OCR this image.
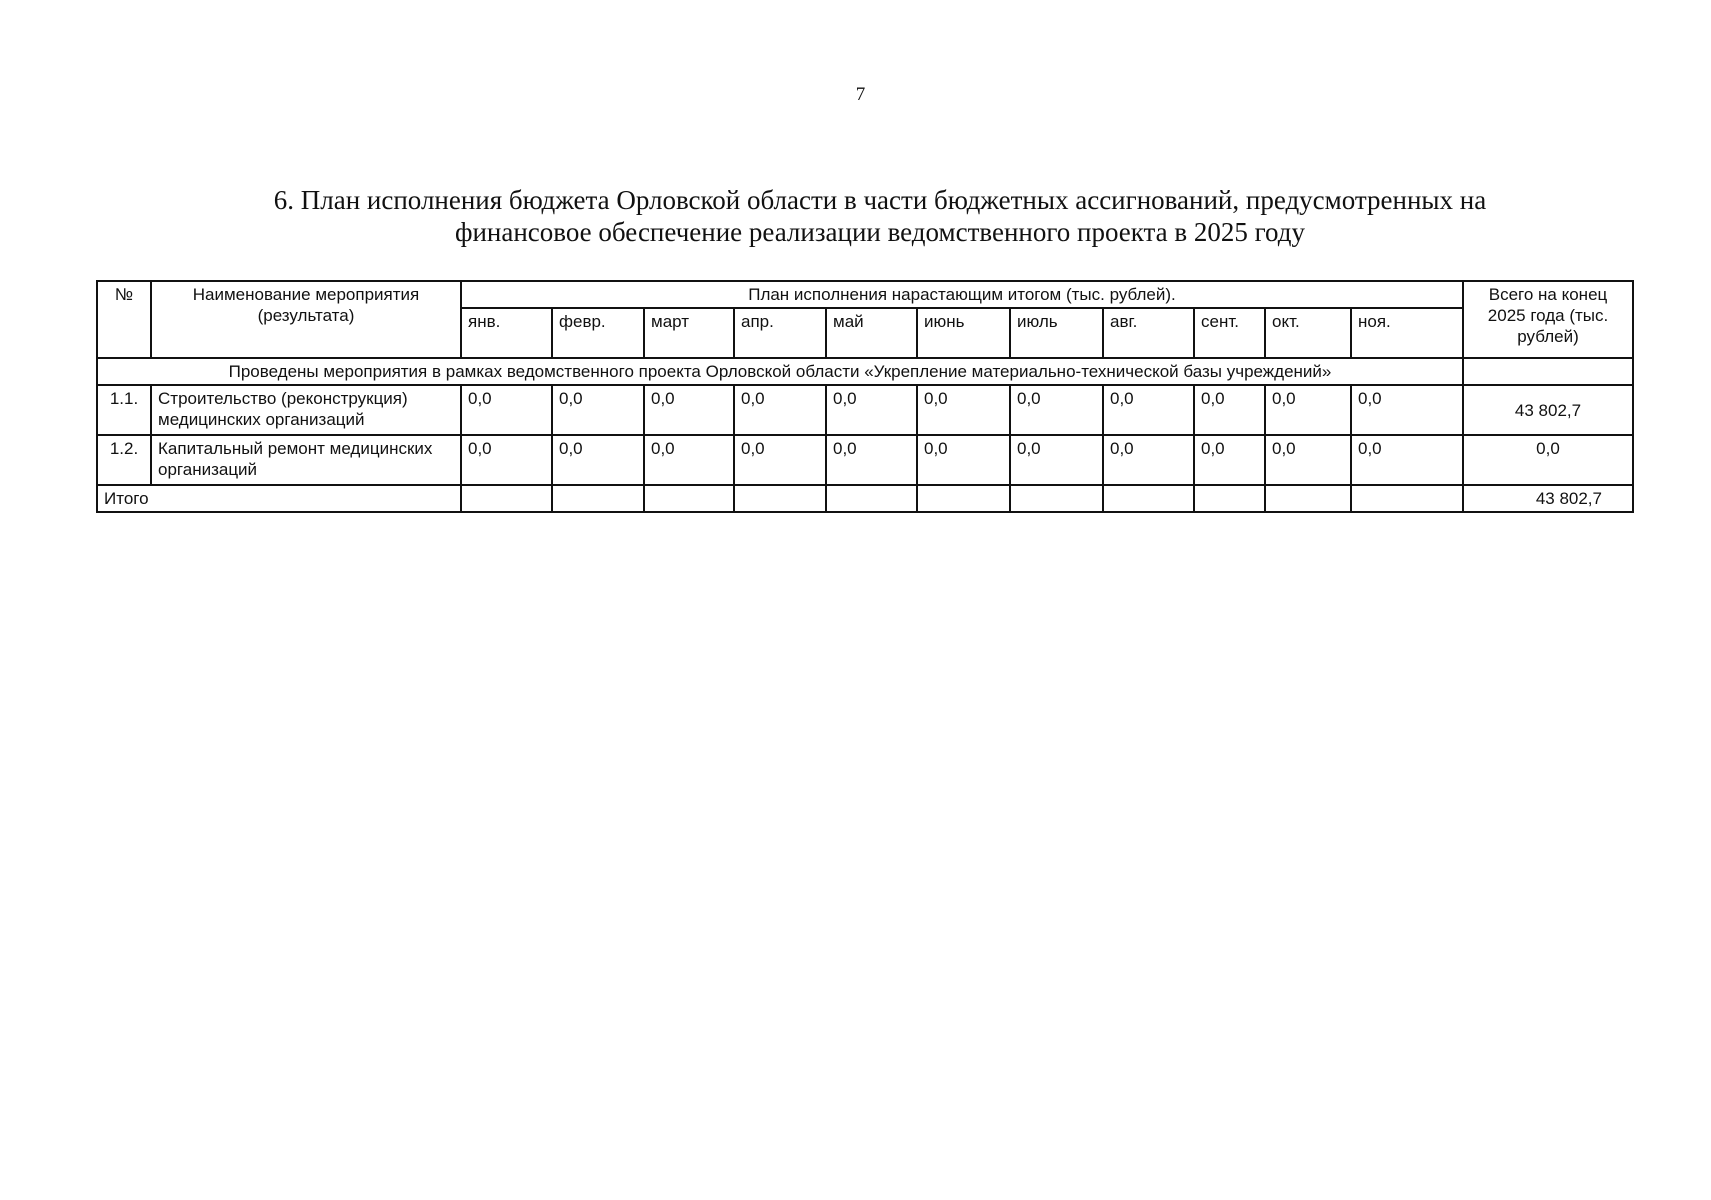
7
6. План исполнения бюджета Орловской области в части бюджетных ассигнований, предусмотренных на
финансовое обеспечение реализации ведомственного проекта в 2025 году
№	Наименование мероприятия (результата)	План исполнения нарастающим итогом (тыс. рублей).											Всего на конец 2025 года (тыс. рублей)
		янв.	февр.	март	апр.	май	июнь	июль	авг.	сент.	окт.	ноя.	
Проведены мероприятия в рамках ведомственного проекта Орловской области «Укрепление материально-технической базы учреждений»													
1.1.	Строительство (реконструкция) медицинских организаций	0,0	0,0	0,0	0,0	0,0	0,0	0,0	0,0	0,0	0,0	0,0	43 802,7
1.2.	Капитальный ремонт медицинских организаций	0,0	0,0	0,0	0,0	0,0	0,0	0,0	0,0	0,0	0,0	0,0	0,0
Итого													43 802,7
